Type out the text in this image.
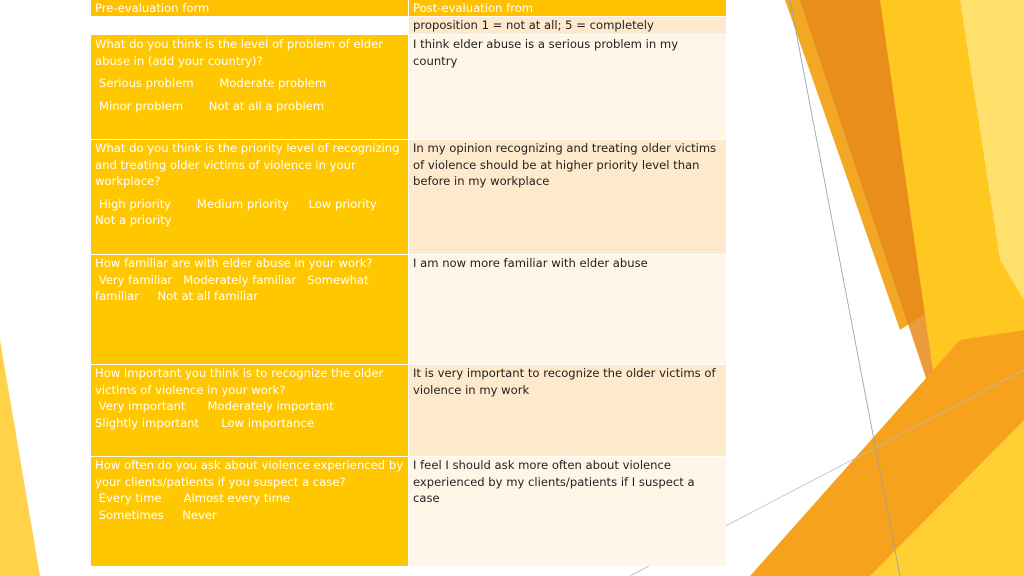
Pre-evaluation form	Post-evaluation from
proposition 1 = not at all; 5 = completely

What do you think is the level of problem of elder abuse in (add your country)?

Serious problem Moderate problem
Minor problem Not at all a problem

I think elder abuse is a serious problem in my country

What do you think is the priority level of recognizing and treating older victims of violence in your workplace?

High priority Medium priority Low priority
Not a priority

In my opinion recognizing and treating older victims of violence should be at higher priority level than before in my workplace

How familiar are with elder abuse in your work?

Very familiar   Moderately familiar   Somewhat familiar     Not at all familiar

I am now more familiar with elder abuse

How important you think is to recognize the older victims of violence in your work?

Very important      Moderately important

Slightly important      Low importance

It is very important to recognize the older victims of violence in my work

How often do you ask about violence experienced by your clients/patients if you suspect a case?

Every time      Almost every time

Sometimes     Never

I feel I should ask more often about violence experienced by my clients/patients if I suspect a case
